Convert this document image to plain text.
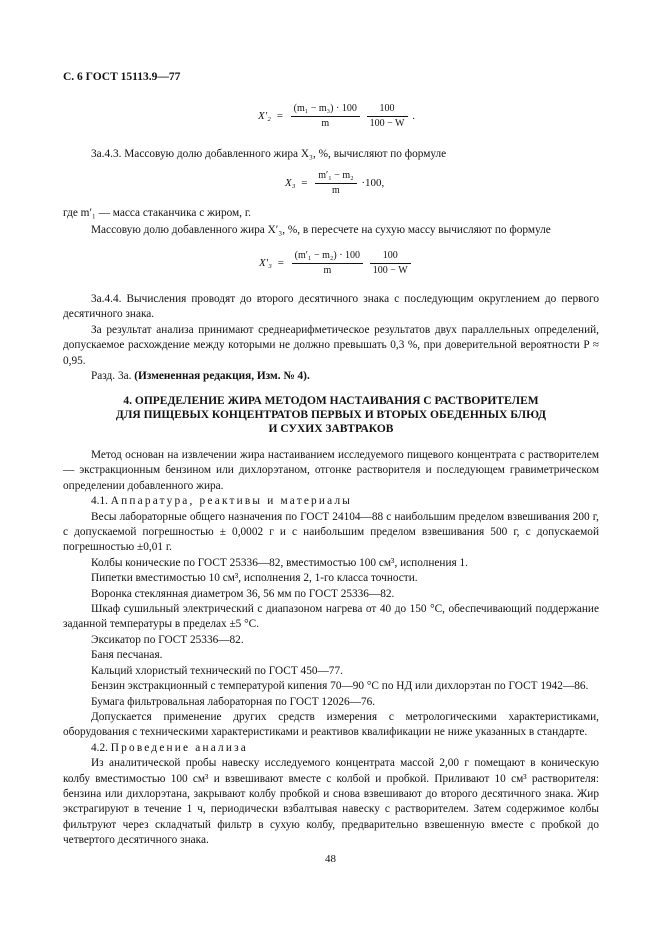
С. 6 ГОСТ 15113.9—77
$X'_2 = \frac{\text{(m₁ − m₃) · 100}}{m}$
$\frac{100}{100 - W}$ .

3а.4.3. Массовую долю добавленного жира X₃, %, вычисляют по формуле

$X_3 = \frac{\text{m′₁ − m₂}}{m} \cdot 100$,

где m′₁ — масса стаканчика с жиром, г.

Массовую долю добавленного жира X′₃, %, в пересчете на сухую массу вычисляют по формуле

$X'_3 = \frac{\text{(m′₁ − m₂) · 100}}{m}$
$\frac{100}{100 - W}$

3а.4.4. Вычисления проводят до второго десятичного знака с последующим округлением до первого десятичного знака.

За результат анализа принимают среднеарифметическое результатов двух параллельных определений, допускаемое расхождение между которыми не должно превышать 0,3 %, при доверительной вероятности P ≈ 0,95.

Разд. 3а. (Измененная редакция, Изм. № 4).

4. ОПРЕДЕЛЕНИЕ ЖИРА МЕТОДОМ НАСТАИВАНИЯ С РАСТВОРИТЕЛЕМ
ДЛЯ ПИЩЕВЫХ КОНЦЕНТРАТОВ ПЕРВЫХ И ВТОРЫХ ОБЕДЕННЫХ БЛЮД
И СУХИХ ЗАВТРАКОВ

Метод основан на извлечении жира настаиванием исследуемого пищевого концентрата с растворителем — экстракционным бензином или дихлорэтаном, отгонке растворителя и последующем гравиметрическом определении добавленного жира.

4.1. Аппаратура, реактивы и материалы

Весы лабораторные общего назначения по ГОСТ 24104—88 с наибольшим пределом взвешивания 200 г, с допускаемой погрешностью ± 0,0002 г и с наибольшим пределом взвешивания 500 г, с допускаемой погрешностью ±0,01 г.

Колбы конические по ГОСТ 25336—82, вместимостью 100 см³, исполнения 1.

Пипетки вместимостью 10 см³, исполнения 2, 1-го класса точности.

Воронка стеклянная диаметром 36, 56 мм по ГОСТ 25336—82.

Шкаф сушильный электрический с диапазоном нагрева от 40 до 150 °С, обеспечивающий поддержание заданной температуры в пределах ±5 °С.

Эксикатор по ГОСТ 25336—82.

Баня песчаная.

Кальций хлористый технический по ГОСТ 450—77.

Бензин экстракционный с температурой кипения 70—90 °С по НД или дихлорэтан по ГОСТ 1942—86.

Бумага фильтровальная лабораторная по ГОСТ 12026—76.

Допускается применение других средств измерения с метрологическими характеристиками, оборудования с техническими характеристиками и реактивов квалификации не ниже указанных в стандарте.

4.2. Проведение анализа

Из аналитической пробы навеску исследуемого концентрата массой 2,00 г помещают в коническую колбу вместимостью 100 см³ и взвешивают вместе с колбой и пробкой. Приливают 10 см³ растворителя: бензина или дихлорэтана, закрывают колбу пробкой и снова взвешивают до второго десятичного знака. Жир экстрагируют в течение 1 ч, периодически взбалтывая навеску с растворителем. Затем содержимое колбы фильтруют через складчатый фильтр в сухую колбу, предварительно взвешенную вместе с пробкой до четвертого десятичного знака.

48
